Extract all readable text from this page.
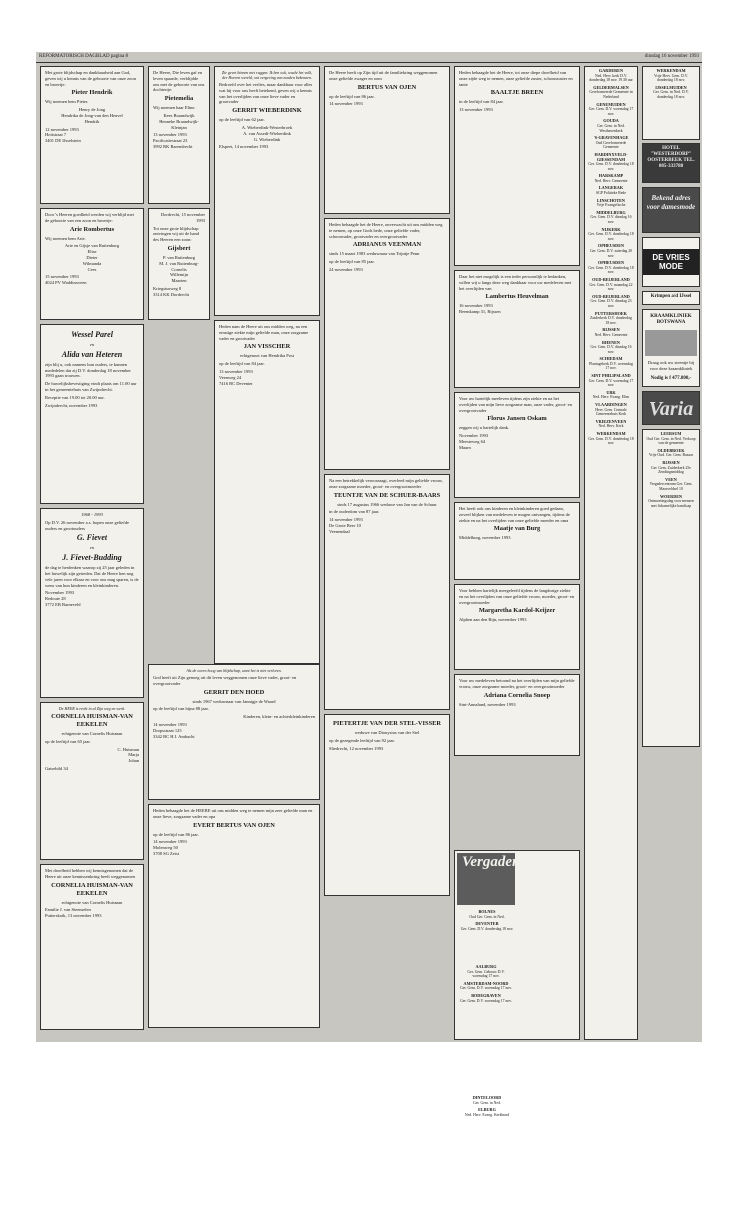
REFORMATORISCH DAGBLAD pagina 8	dinsdag 16 november 1993

Met grote blijdschap en dankbaarheid aan God, geven wij u kennis van de geboorte van onze zoon en broertje:

Pieter Hendrik

Wij noemen hem Pieter.

Henry de Jong
Hendrika de Jong-van den Heuvel
Hendrik

12 november 1993
Hoitstraat 7
3401 DE IJsselstein

Door 's Heeren goedheid werden wij verblijd met de geboorte van een zoon en broertje:

Arie Rombertus

Wij noemen hem Arie.

Arie en Gijsje van Ruitenburg
Elise
Dieter
Wilmanda
Cees

15 november 1993
4024 PV Waddinxveen

Wessel Parel

en

Alida van Heteren

zijn blij u, ook namens hun ouders, te kunnen mededelen dat zij D.V. donderdag 18 november 1993 gaan trouwen.

De huwelijksbevestiging vindt plaats om 11.00 uur in het gemeentehuis van Zwijndrecht.

Receptie van 19.00 tot 20.00 uur.

Zwijndrecht, november 1993

1968 - 1993

Op D.V. 26 november a.s. hopen onze geliefde ouders en grootouders

G. Fievet

en

J. Fievet-Budding

de dag te herdenken waarop zij 25 jaar geleden in het huwelijk zijn getreden. Dat de Heere hen nog vele jaren voor elkaar en voor ons mag sparen, is de wens van hun kinderen en kleinkinderen.

November 1993
Redoute 28
3772 EB Barneveld

De HEER is recht in al Zijn weg en werk.

CORNELIA HUISMAN-VAN EEKELEN

echtgenote van Cornelis Huisman

op de leeftijd van 65 jaar.

C. Huisman
Marja
Johan

Gatsebild 34

Met droefheid hebben wij kennisgenomen dat de Heere uit onze kennissenkring heeft weggenomen

CORNELIA HUISMAN-VAN EEKELEN

echtgenote van Cornelis Huisman

Familie J. van Steenselen
Putterskotk, 13 november 1993

De Heere, Die leven gaf en leven spaarde, verblijdde ons met de geboorte van ons dochtertje:

Pietemelia

Wij noemen haar Eline.

Kees Braandwijk
Henneke Braandwijk-Kleinjan

13 november 1993
Pacificatiestraat 23
3992 RK Barendrecht

Dordrecht, 15 november 1993

Tot onze grote blijdschap ontvingen wij uit de hand des Heeren een zoon:

Gijsbert

P. van Ruitenburg
M. J. van Ruitenburg-Cornelis
Willemijn
Maarten

Kriegsiusweg 8
3314 KK Dordrecht

Zie gevet binnen met ruggen. Ik ben ook, wacht het volk, der Hoeren wereld, ont vergeving van zonden bekennen.

Bedroefd over het verlies, maar dankbaar voor alles wat hij voor ons heeft betekend, geven wij u kennis van het overlijden van onze lieve vader en grootvader

GERRIT WIEBERDINK

op de leeftijd van 62 jaar.

A. Wieberdink-Westerbroek
A. van Assedt-Wieberdink
G. Wieberdink

Elspeet, 14 november 1993

Heden nam de Heere uit ons midden weg, na een ernstige ziekte mijn geliefde man, onze zorgzame vader en grootvader

JAN VISSCHER

echtgenoot van Hendrika Post

op de leeftijd van 84 jaar.

13 november 1993
Veenweg 24
7416 BC Deventer

Als de ooren hoog van blijdschap, want het is niet verloren.

God heeft uit Zijn genoeg uit dit leven weggenomen onze lieve vader, groot- en overgrootvader

GERRIT DEN HOED

sinds 1967 weduwnaar van Jannigje de Waard

op de leeftijd van bijna 88 jaar.

Kinderen, klein- en achterkleinkinderen

14 november 1993
Dorpsstraat 125
3342 BC H.I. Ambacht

Heden behaagde het de HEERE uit ons midden weg te nemen mijn zeer geliefde man en onze lieve, zorgzame vader en opa

EVERT BERTUS VAN OJEN

op de leeftijd van 86 jaar.

14 november 1993
Molenweg 50
3708 SG Zeist

De Heere heeft op Zijn tijd uit de familiekring weggenomen onze geliefde zwager en oom

BERTUS VAN OJEN

op de leeftijd van 86 jaar.

14 november 1993

Heden behaagde het de Heere, onverwacht uit ons midden weg te nemen, op onze Gods bede, onze geliefde vader, schoonvader, grootvader en overgrootvader

ADRIANUS VEENMAN

sinds 15 maart 1983 weduwnaar van Trijntje Penn

op de leeftijd van 85 jaar.

24 november 1993

Na een betrekkelijk veroorzaagt, overleed mijn geliefde vrouw, onze zorgzame moeder, groot- en overgrootmoeder

TEUNTJE VAN DE SCHUER-BAARS

sinds 17 augustus 1966 weduwe van Jan van de Schuur

in de ouderdom van 87 jaar.

14 november 1993
De Grote Beer 10
Veenendaal

PIETERTJE VAN DER STEL-VISSER

weduwe van Dionysius van der Stel

op de gezegende leeftijd van 92 jaar.

Sliedrecht, 12 november 1993

Heden behaagde het de Heere, tot onze diepe droefheid van onze zijde weg te nemen, onze geliefde zuster, schoonzuster en tante

BAALTJE BREEN

in de leeftijd van 84 jaar.

13 november 1993

Daar het niet mogelijk is een ieder persoonlijk te bedanken, willen wij u langs deze weg dankbaar voor uw medeleven met het overlijden van

Lambertus Heuvelman

16 november 1993
Beemkamp 31, Rijssen

Voor uw hartelijk meeleven tijdens zijn ziekte en na het overlijden van mijn lieve zorgzame man, onze vader, groot- en overgrootvader

Florus Jansen Oskam

zeggen wij u hartelijk dank.

November 1993
Meesteweg 64
Maarn

Het heeft ook ons kinderen en kleinkinderen goed gedaan, zoveel blijken van medeleven te mogen ontvangen, tijdens de ziekte en na het overlijden van onze geliefde moeder en oma

Maatje van Burg

Middelburg, november 1993

Voor hebben hartelijk meegeleefd tijdens de langdurige ziekte en na het overlijden van onze geliefde vrouw, moeder, groot- en overgrootmoeder

Margaretha Kardol-Keijzer

Alphen aan den Rijn, november 1993

Voor uw medeleven betoond na het overlijden van mijn geliefde vrouw, onze zorgzame moeder, groot- en overgrootmoeder

Adriana Cornelia Snoep

Sint-Annaland, november 1993

Vergaderagenda
BOLNES
Oud Ger. Gem. in Ned.
DEVENTER
Ger. Gem. D.V. donderdag 18 nov.
AALBURG
Ger. Gem. Gebouw D.V. woensdag 17 nov.
AMSTERDAM-NOORD
Ger. Gem. D.V. woensdag 17 nov.
BODEGRAVEN
Ger. Gem. D.V. woensdag 17 nov.
DINTELOORD
Ger. Gem. in Ned.
ELBURG
Ned. Herv. Evang. Kerkbond
GARDEREN
Ned. Herv. kerk D.V. donderdag 18 nov. 19.30 uur
GELDERMALSEN
Gereformeerde Gemeente in Nederland
GENEMUIDEN
Ger. Gem. D.V. woensdag 17 nov.
GOUDA
Ger. Gem. in Ned. Westhavenkerk
'S-GRAVENHAGE
Oud Gereformeerde Gemeente
HARDINXVELD-GIESSENDAM
Ger. Gem. D.V. donderdag 18 nov.
HARSKAMP
Ned. Herv. Gemeente
LANGERAK
SGP Politieke Rede
LINSCHOTEN
Vrije Evangelische
MIDDELBURG
Ger. Gem. D.V. dinsdag 16 nov.
NIJKERK
Ger. Gem. D.V. donderdag 18 nov.
OPHEUSDEN
Ger. Gem. D.V. zaterdag 20 nov.
OPHEUSDEN
Ger. Gem. D.V. donderdag 18 nov.
OUD-BEIJERLAND
Ger. Gem. D.V. maandag 22 nov.
OUD-BEIJERLAND
Ger. Gem. D.V. dinsdag 23 nov.
PUTTERSHOEK
Zuiderkerk D.V. donderdag 18 nov.
RIJSSEN
Ned. Herv. Gemeente
RHENEN
Ger. Gem. D.V. dinsdag 16 nov.
SCHIEDAM
Plantagekerk D.V. woensdag 17 nov.
SINT PHILIPSLAND
Ger. Gem. D.V. woensdag 17 nov.
URK
Ned. Herv. Evang. Elim
VLAARDINGEN
Herv. Gem. Centrale Gemeentehuis Kerk
VRIEZENVEEN
Ned. Herv. Kerk
WERKENDAM
Ger. Gem. D.V. donderdag 18 nov.
WERKENDAM
Vrije Herv. Gem. D.V. donderdag 18 nov.
IJSSELMUIDEN
Ger. Gem. in Ned. D.V. donderdag 18 nov.
HOTEL "WESTERDORP" OOSTERBEEK TEL. 085-333788
Bekend adres voor damesmode
DE VRIES MODE
Krimpen a/d IJssel
KRAAMKLINIEK BOTSWANA
Draag ook uw steentje bij voor deze kraamkliniek
Nodig is f 477.800,-
Varia
LEERSUM
Oud Ger. Gem. in Ned. Verkoop van de gemeente
OLDEBROEK
Vrije Oud. Ger. Gem. Bazaar
RIJSSEN
Ger. Gem. Zuiderkerk 25e Zendingsmiddag
VEEN
Vergadercentrum Ger. Gem. Maasveldsel 10
WOERDEN
Ontmoetingsdag voor mensen met lichamelijke handicap
